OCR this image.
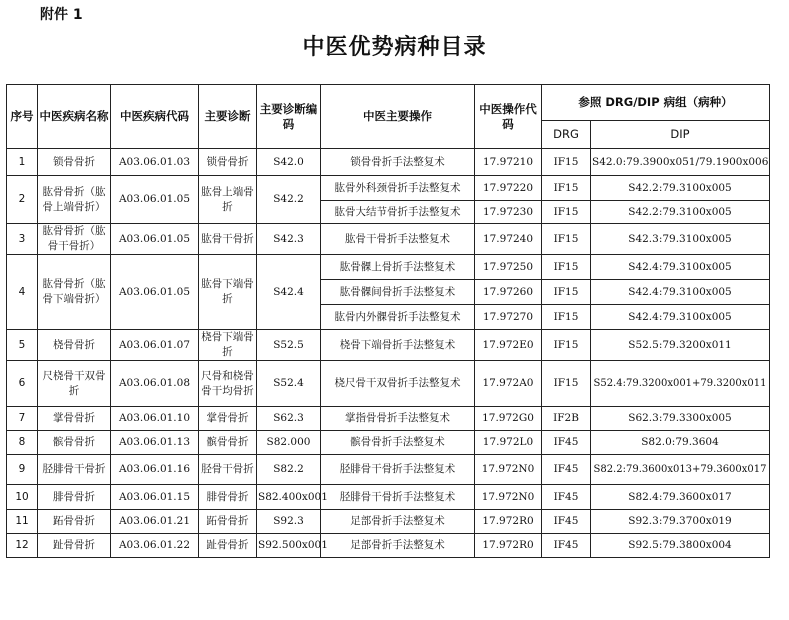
附件 1
中医优势病种目录
序号	中医疾病名称	中医疾病代码	主要诊断	主要诊断编码	中医主要操作	中医操作代码	参照 DRG/DIP 病组（病种）	
							DRG	DIP
1	锁骨骨折	A03.06.01.03	锁骨骨折	S42.0	锁骨骨折手法整复术	17.97210	IF15	S42.0:79.3900x051/79.1900x006
2	肱骨骨折（肱骨上端骨折）	A03.06.01.05	肱骨上端骨折	S42.2	肱骨外科颈骨折手法整复术	17.97220	IF15	S42.2:79.3100x005
					肱骨大结节骨折手法整复术	17.97230	IF15	S42.2:79.3100x005
3	肱骨骨折（肱骨干骨折）	A03.06.01.05	肱骨干骨折	S42.3	肱骨干骨折手法整复术	17.97240	IF15	S42.3:79.3100x005
4	肱骨骨折（肱骨下端骨折）	A03.06.01.05	肱骨下端骨折	S42.4	肱骨髁上骨折手法整复术	17.97250	IF15	S42.4:79.3100x005
					肱骨髁间骨折手法整复术	17.97260	IF15	S42.4:79.3100x005
					肱骨内外髁骨折手法整复术	17.97270	IF15	S42.4:79.3100x005
5	桡骨骨折	A03.06.01.07	桡骨下端骨折	S52.5	桡骨下端骨折手法整复术	17.972E0	IF15	S52.5:79.3200x011
6	尺桡骨干双骨折	A03.06.01.08	尺骨和桡骨骨干均骨折	S52.4	桡尺骨干双骨折手法整复术	17.972A0	IF15	S52.4:79.3200x001+79.3200x011
7	掌骨骨折	A03.06.01.10	掌骨骨折	S62.3	掌指骨骨折手法整复术	17.972G0	IF2B	S62.3:79.3300x005
8	髌骨骨折	A03.06.01.13	髌骨骨折	S82.000	髌骨骨折手法整复术	17.972L0	IF45	S82.0:79.3604
9	胫腓骨干骨折	A03.06.01.16	胫骨干骨折	S82.2	胫腓骨干骨折手法整复术	17.972N0	IF45	S82.2:79.3600x013+79.3600x017
10	腓骨骨折	A03.06.01.15	腓骨骨折	S82.400x001	胫腓骨干骨折手法整复术	17.972N0	IF45	S82.4:79.3600x017
11	跖骨骨折	A03.06.01.21	跖骨骨折	S92.3	足部骨折手法整复术	17.972R0	IF45	S92.3:79.3700x019
12	趾骨骨折	A03.06.01.22	趾骨骨折	S92.500x001	足部骨折手法整复术	17.972R0	IF45	S92.5:79.3800x004
